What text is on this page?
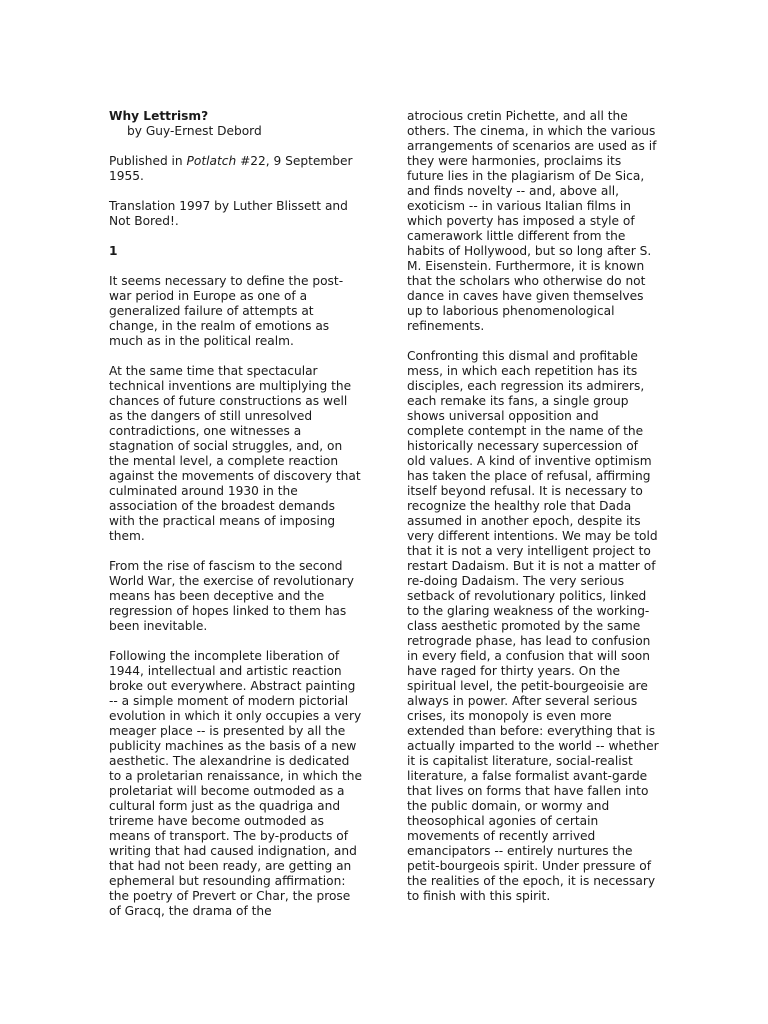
Why Lettrism?

by Guy-Ernest Debord

Published in Potlatch #22, 9 September 1955.

Translation 1997 by Luther Blissett and Not Bored!.

1

It seems necessary to define the post-war period in Europe as one of a generalized failure of attempts at change, in the realm of emotions as much as in the political realm.

At the same time that spectacular technical inventions are multiplying the chances of future constructions as well as the dangers of still unresolved contradictions, one witnesses a stagnation of social struggles, and, on the mental level, a complete reaction against the movements of discovery that culminated around 1930 in the association of the broadest demands with the practical means of imposing them.

From the rise of fascism to the second World War, the exercise of revolutionary means has been deceptive and the regression of hopes linked to them has been inevitable.

Following the incomplete liberation of 1944, intellectual and artistic reaction broke out everywhere. Abstract painting -- a simple moment of modern pictorial evolution in which it only occupies a very meager place -- is presented by all the publicity machines as the basis of a new aesthetic. The alexandrine is dedicated to a proletarian renaissance, in which the proletariat will become outmoded as a cultural form just as the quadriga and trireme have become outmoded as means of transport. The by-products of writing that had caused indignation, and that had not been ready, are getting an ephemeral but resounding affirmation: the poetry of Prevert or Char, the prose of Gracq, the drama of the

atrocious cretin Pichette, and all the others. The cinema, in which the various arrangements of scenarios are used as if they were harmonies, proclaims its future lies in the plagiarism of De Sica, and finds novelty -- and, above all, exoticism -- in various Italian films in which poverty has imposed a style of camerawork little different from the habits of Hollywood, but so long after S. M. Eisenstein. Furthermore, it is known that the scholars who otherwise do not dance in caves have given themselves up to laborious phenomenological refinements.

Confronting this dismal and profitable mess, in which each repetition has its disciples, each regression its admirers, each remake its fans, a single group shows universal opposition and complete contempt in the name of the historically necessary supercession of old values. A kind of inventive optimism has taken the place of refusal, affirming itself beyond refusal. It is necessary to recognize the healthy role that Dada assumed in another epoch, despite its very different intentions. We may be told that it is not a very intelligent project to restart Dadaism. But it is not a matter of re-doing Dadaism. The very serious setback of revolutionary politics, linked to the glaring weakness of the working-class aesthetic promoted by the same retrograde phase, has lead to confusion in every field, a confusion that will soon have raged for thirty years. On the spiritual level, the petit-bourgeoisie are always in power. After several serious crises, its monopoly is even more extended than before: everything that is actually imparted to the world -- whether it is capitalist literature, social-realist literature, a false formalist avant-garde that lives on forms that have fallen into the public domain, or wormy and theosophical agonies of certain movements of recently arrived emancipators -- entirely nurtures the petit-bourgeois spirit. Under pressure of the realities of the epoch, it is necessary to finish with this spirit.
